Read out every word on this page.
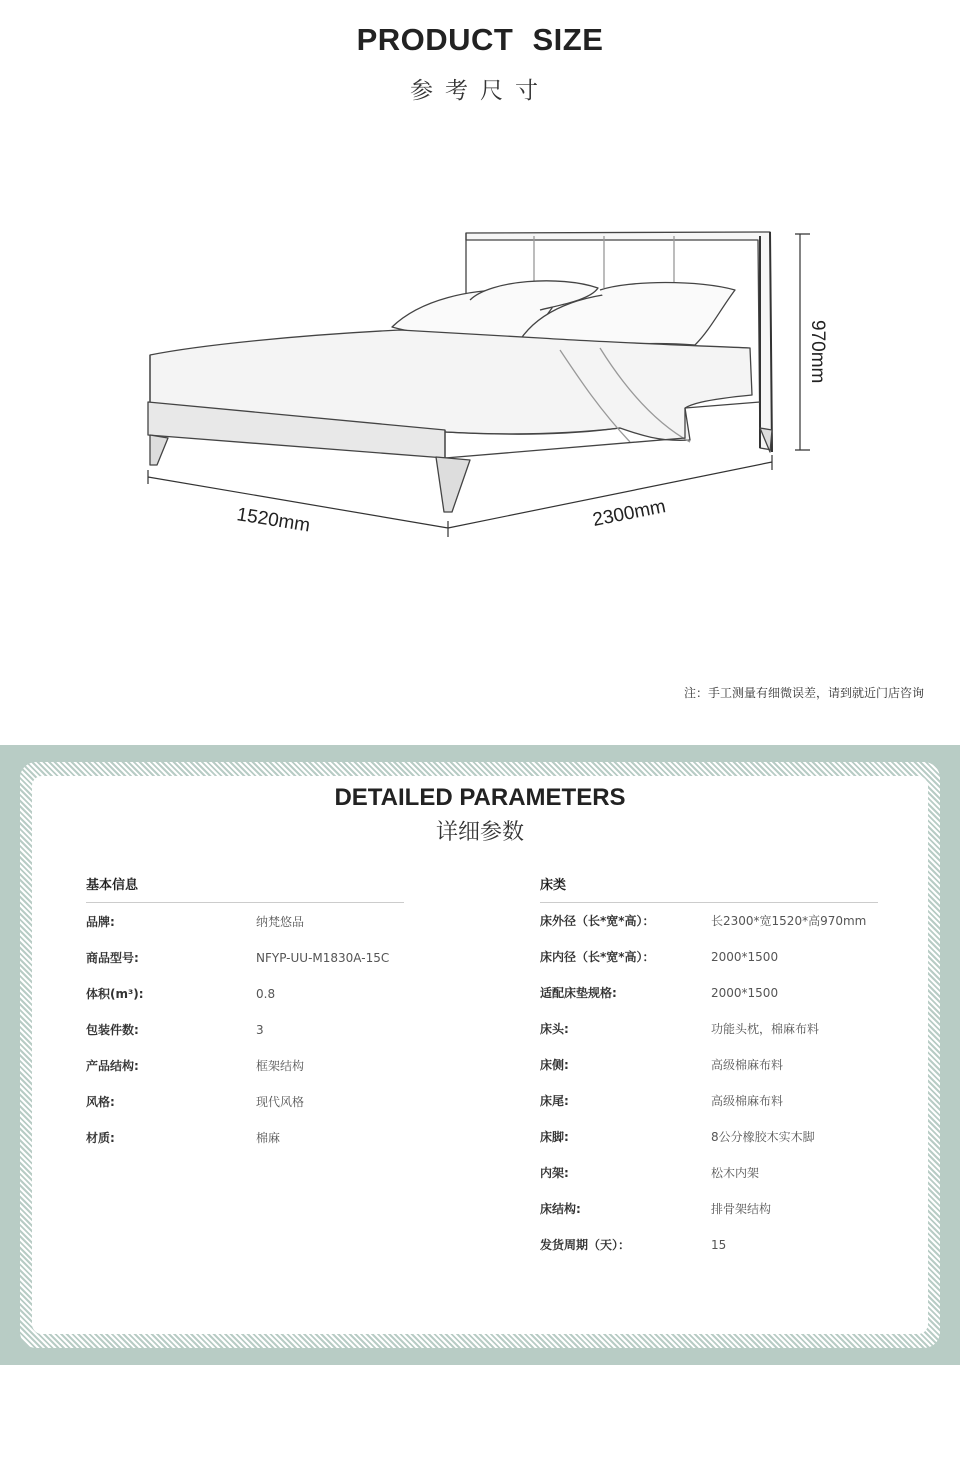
PRODUCT SIZE
参考尺寸
970mm
1520mm	2300mm
注：手工测量有细微误差，请到就近门店咨询
DETAILED PARAMETERS
详细参数
基本信息
品牌:	纳梵悠品
商品型号:	NFYP-UU-M1830A-15C
体积(m³):	0.8
包装件数:	3
产品结构:	框架结构
风格:	现代风格
材质:	棉麻
床类
床外径（长*宽*高）：	长2300*宽1520*高970mm
床内径（长*宽*高）：	2000*1500
适配床垫规格:	2000*1500
床头:	功能头枕，棉麻布料
床侧:	高级棉麻布料
床尾:	高级棉麻布料
床脚:	8公分橡胶木实木脚
内架:	松木内架
床结构:	排骨架结构
发货周期（天）：	15
